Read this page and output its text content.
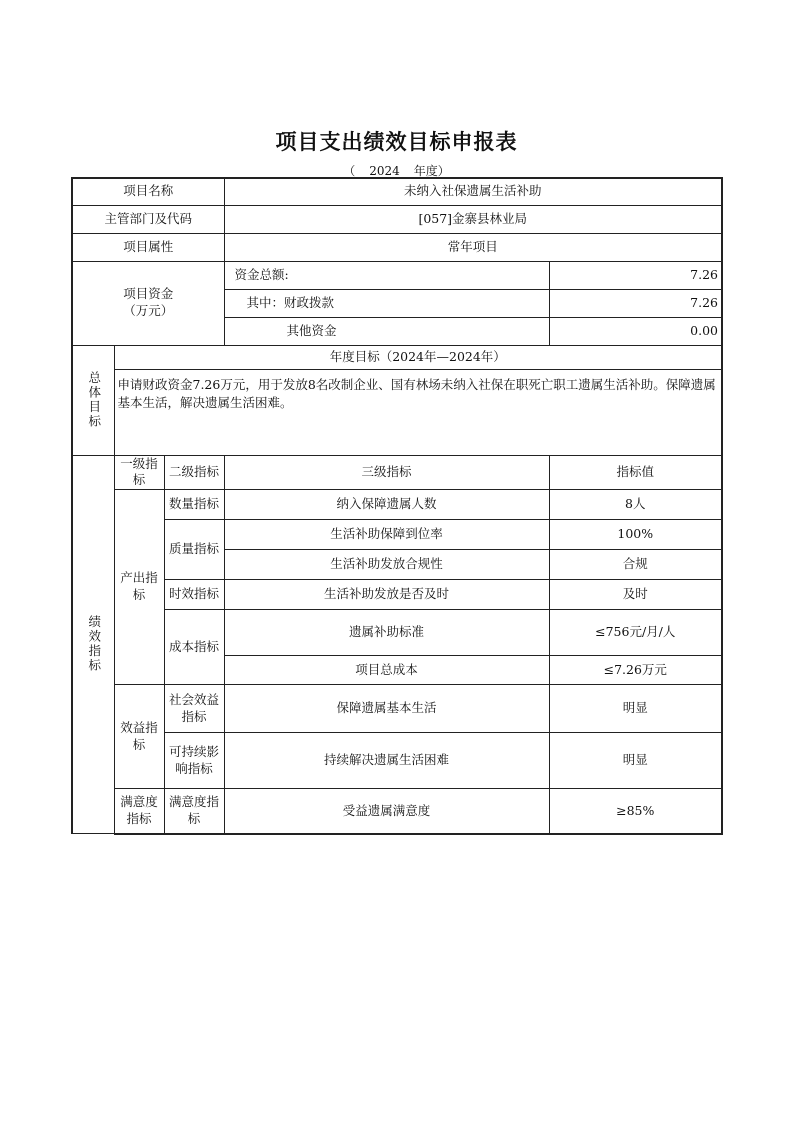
项目支出绩效目标申报表
（ 2024 年度）
项目名称			未纳入社保遗属生活补助	
主管部门及代码			[057]金寨县林业局	
项目属性			常年项目	

项目资金
（万元）			资金总额:	7.26
			其中：财政拨款	7.26
			其他资金	0.00

总体目标	年度目标（2024年—2024年）			
	申请财政资金7.26万元，用于发放8名改制企业、国有林场未纳入社保在职死亡职工遗属生活补助。保障遗属基本生活，解决遗属生活困难。			

绩效指标	一级指标	二级指标	三级指标	指标值
	产出指标	数量指标	纳入保障遗属人数	8人
		质量指标	生活补助保障到位率	100%
			生活补助发放合规性	合规
		时效指标	生活补助发放是否及时	及时
		成本指标	遗属补助标准	≤756元/月/人
			项目总成本	≤7.26万元
	效益指标	社会效益指标	保障遗属基本生活	明显
		可持续影响指标	持续解决遗属生活困难	明显
	满意度指标	满意度指标	受益遗属满意度	≥85%
